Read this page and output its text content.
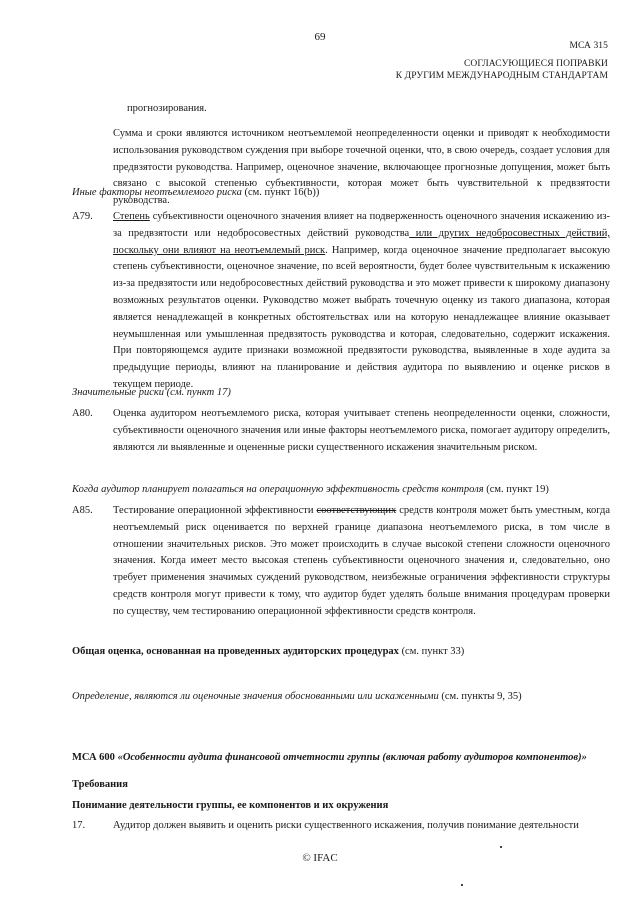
69
МСА 315
СОГЛАСУЮЩИЕСЯ ПОПРАВКИ
К ДРУГИМ МЕЖДУНАРОДНЫМ СТАНДАРТАМ
прогнозирования.
Сумма и сроки являются источником неотъемлемой неопределенности оценки и приводят к необходимости использования руководством суждения при выборе точечной оценки, что, в свою очередь, создает условия для предвзятости руководства. Например, оценочное значение, включающее прогнозные допущения, может быть связано с высокой степенью субъективности, которая может быть чувствительной к предвзятости руководства.
Иные факторы неотъемлемого риска (см. пункт 16(b))
А79. Степень субъективности оценочного значения влияет на подверженность оценочного значения искажению из-за предвзятости или недобросовестных действий руководства или других недобросовестных действий, поскольку они влияют на неотъемлемый риск. Например, когда оценочное значение предполагает высокую степень субъективности, оценочное значение, по всей вероятности, будет более чувствительным к искажению из-за предвзятости или недобросовестных действий руководства и это может привести к широкому диапазону возможных результатов оценки. Руководство может выбрать точечную оценку из такого диапазона, которая является ненадлежащей в конкретных обстоятельствах или на которую ненадлежащее влияние оказывает неумышленная или умышленная предвзятость руководства и которая, следовательно, содержит искажения. При повторяющемся аудите признаки возможной предвзятости руководства, выявленные в ходе аудита за предыдущие периоды, влияют на планирование и действия аудитора по выявлению и оценке рисков в текущем периоде.
Значительные риски (см. пункт 17)
А80. Оценка аудитором неотъемлемого риска, которая учитывает степень неопределенности оценки, сложности, субъективности оценочного значения или иные факторы неотъемлемого риска, помогает аудитору определить, являются ли выявленные и оцененные риски существенного искажения значительным риском.
Когда аудитор планирует полагаться на операционную эффективность средств контроля (см. пункт 19)
А85. Тестирование операционной эффективности соответствующих средств контроля может быть уместным, когда неотъемлемый риск оценивается по верхней границе диапазона неотъемлемого риска, в том числе в отношении значительных рисков. Это может происходить в случае высокой степени сложности оценочного значения. Когда имеет место высокая степень субъективности оценочного значения и, следовательно, оно требует применения значимых суждений руководством, неизбежные ограничения эффективности структуры средств контроля могут привести к тому, что аудитор будет уделять больше внимания процедурам проверки по существу, чем тестированию операционной эффективности средств контроля.
Общая оценка, основанная на проведенных аудиторских процедурах (см. пункт 33)
Определение, являются ли оценочные значения обоснованными или искаженными (см. пункты 9, 35)
МСА 600 «Особенности аудита финансовой отчетности группы (включая работу аудиторов компонентов)»
Требования
Понимание деятельности группы, ее компонентов и их окружения
17.	Аудитор должен выявить и оценить риски существенного искажения, получив понимание деятельности
© IFAC
